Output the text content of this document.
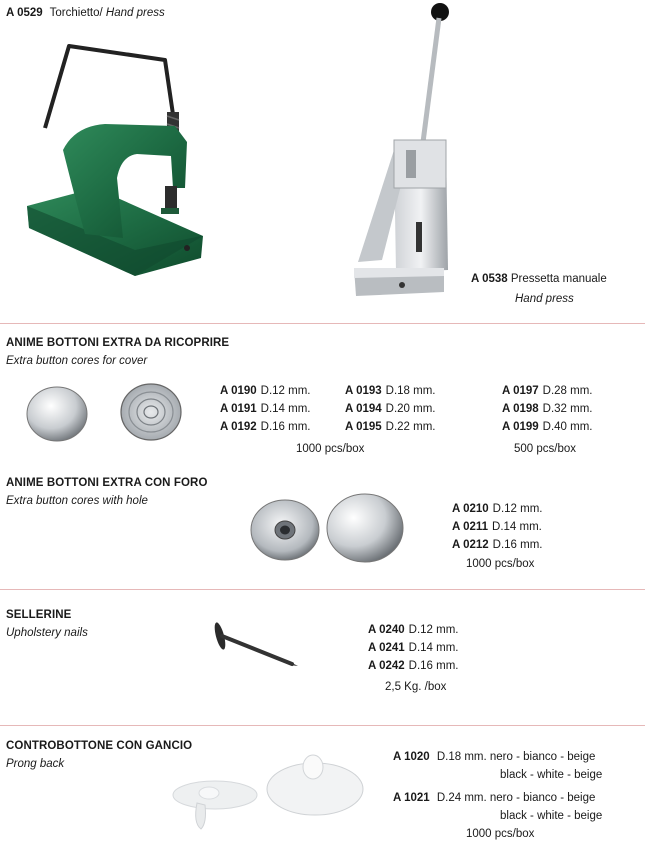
A 0529 Torchietto/ Hand press
A 0538 Pressetta manuale
Hand press
ANIME BOTTONI EXTRA DA RICOPRIRE
Extra button cores for cover
A 0190 D.12 mm.
A 0191 D.14 mm.
A 0192 D.16 mm.
A 0193 D.18 mm.
A 0194 D.20 mm.
A 0195 D.22 mm.
A 0197 D.28 mm.
A 0198 D.32 mm.
A 0199 D.40 mm.
1000 pcs/box	500 pcs/box
ANIME BOTTONI EXTRA CON FORO
Extra button cores with hole
A 0210 D.12 mm.
A 0211 D.14 mm.
A 0212 D.16 mm.
1000 pcs/box
SELLERINE
Upholstery nails	A 0240 D.12 mm.
A 0241 D.14 mm.
A 0242 D.16 mm.
2,5 Kg. /box
CONTROBOTTONE CON GANCIO
Prong back
A 1020 D.18 mm. nero - bianco - beige
black - white - beige
A 1021 D.24 mm. nero - bianco - beige
black - white - beige
1000 pcs/box
